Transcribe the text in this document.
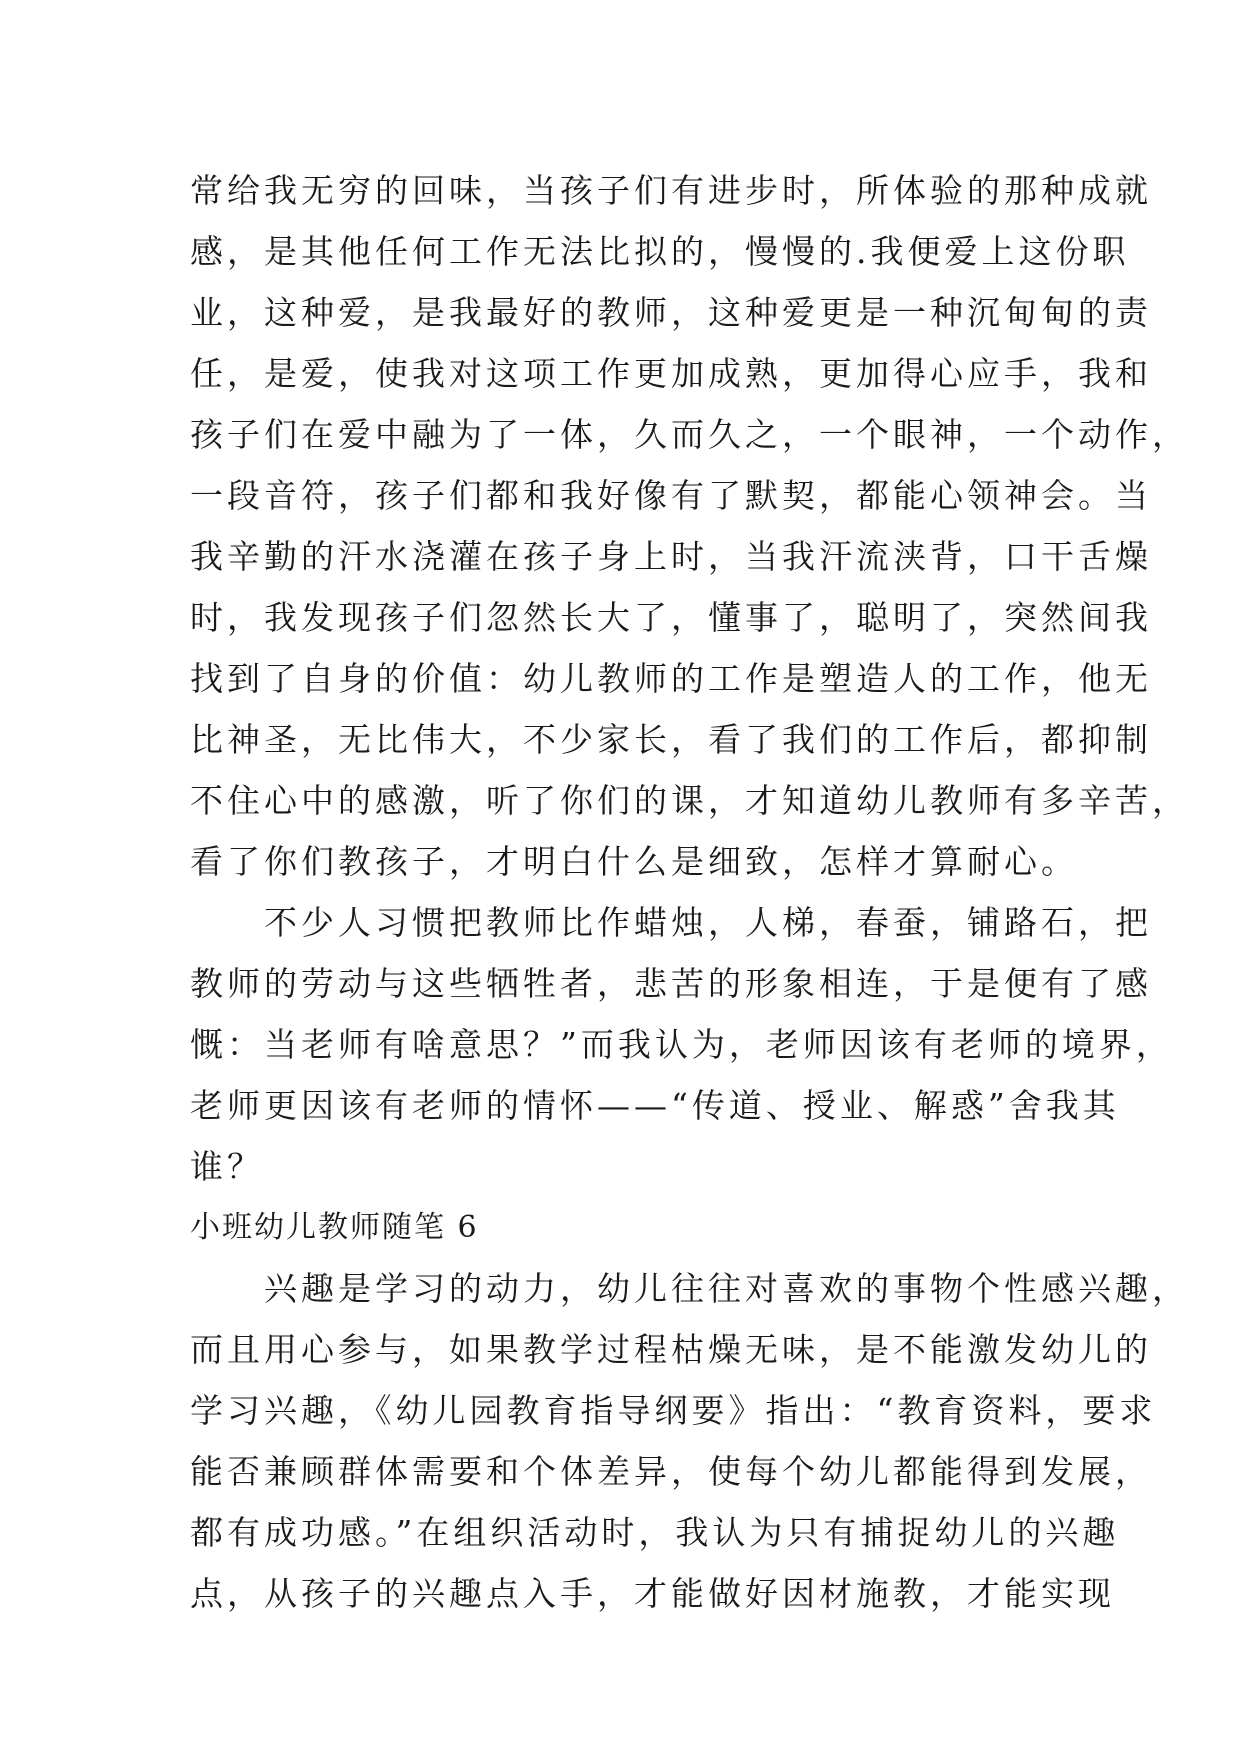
常给我无穷的回味，当孩子们有进步时，所体验的那种成就
感，是其他任何工作无法比拟的，慢慢的.我便爱上这份职
业，这种爱，是我最好的教师，这种爱更是一种沉甸甸的责
任，是爱，使我对这项工作更加成熟，更加得心应手，我和
孩子们在爱中融为了一体，久而久之，一个眼神，一个动作，
一段音符，孩子们都和我好像有了默契，都能心领神会。当
我辛勤的汗水浇灌在孩子身上时，当我汗流浃背，口干舌燥
时，我发现孩子们忽然长大了，懂事了，聪明了，突然间我
找到了自身的价值：幼儿教师的工作是塑造人的工作，他无
比神圣，无比伟大，不少家长，看了我们的工作后，都抑制
不住心中的感激，听了你们的课，才知道幼儿教师有多辛苦，
看了你们教孩子，才明白什么是细致，怎样才算耐心。
　　不少人习惯把教师比作蜡烛，人梯，春蚕，铺路石，把
教师的劳动与这些牺牲者，悲苦的形象相连，于是便有了感
慨：当老师有啥意思？”而我认为，老师因该有老师的境界，
老师更因该有老师的情怀——“传道、授业、解惑”舍我其
谁？
小班幼儿教师随笔 6
　　兴趣是学习的动力，幼儿往往对喜欢的事物个性感兴趣，
而且用心参与，如果教学过程枯燥无味，是不能激发幼儿的
学习兴趣，《幼儿园教育指导纲要》指出：“教育资料，要求
能否兼顾群体需要和个体差异，使每个幼儿都能得到发展，
都有成功感。”在组织活动时，我认为只有捕捉幼儿的兴趣
点，从孩子的兴趣点入手，才能做好因材施教，才能实现
